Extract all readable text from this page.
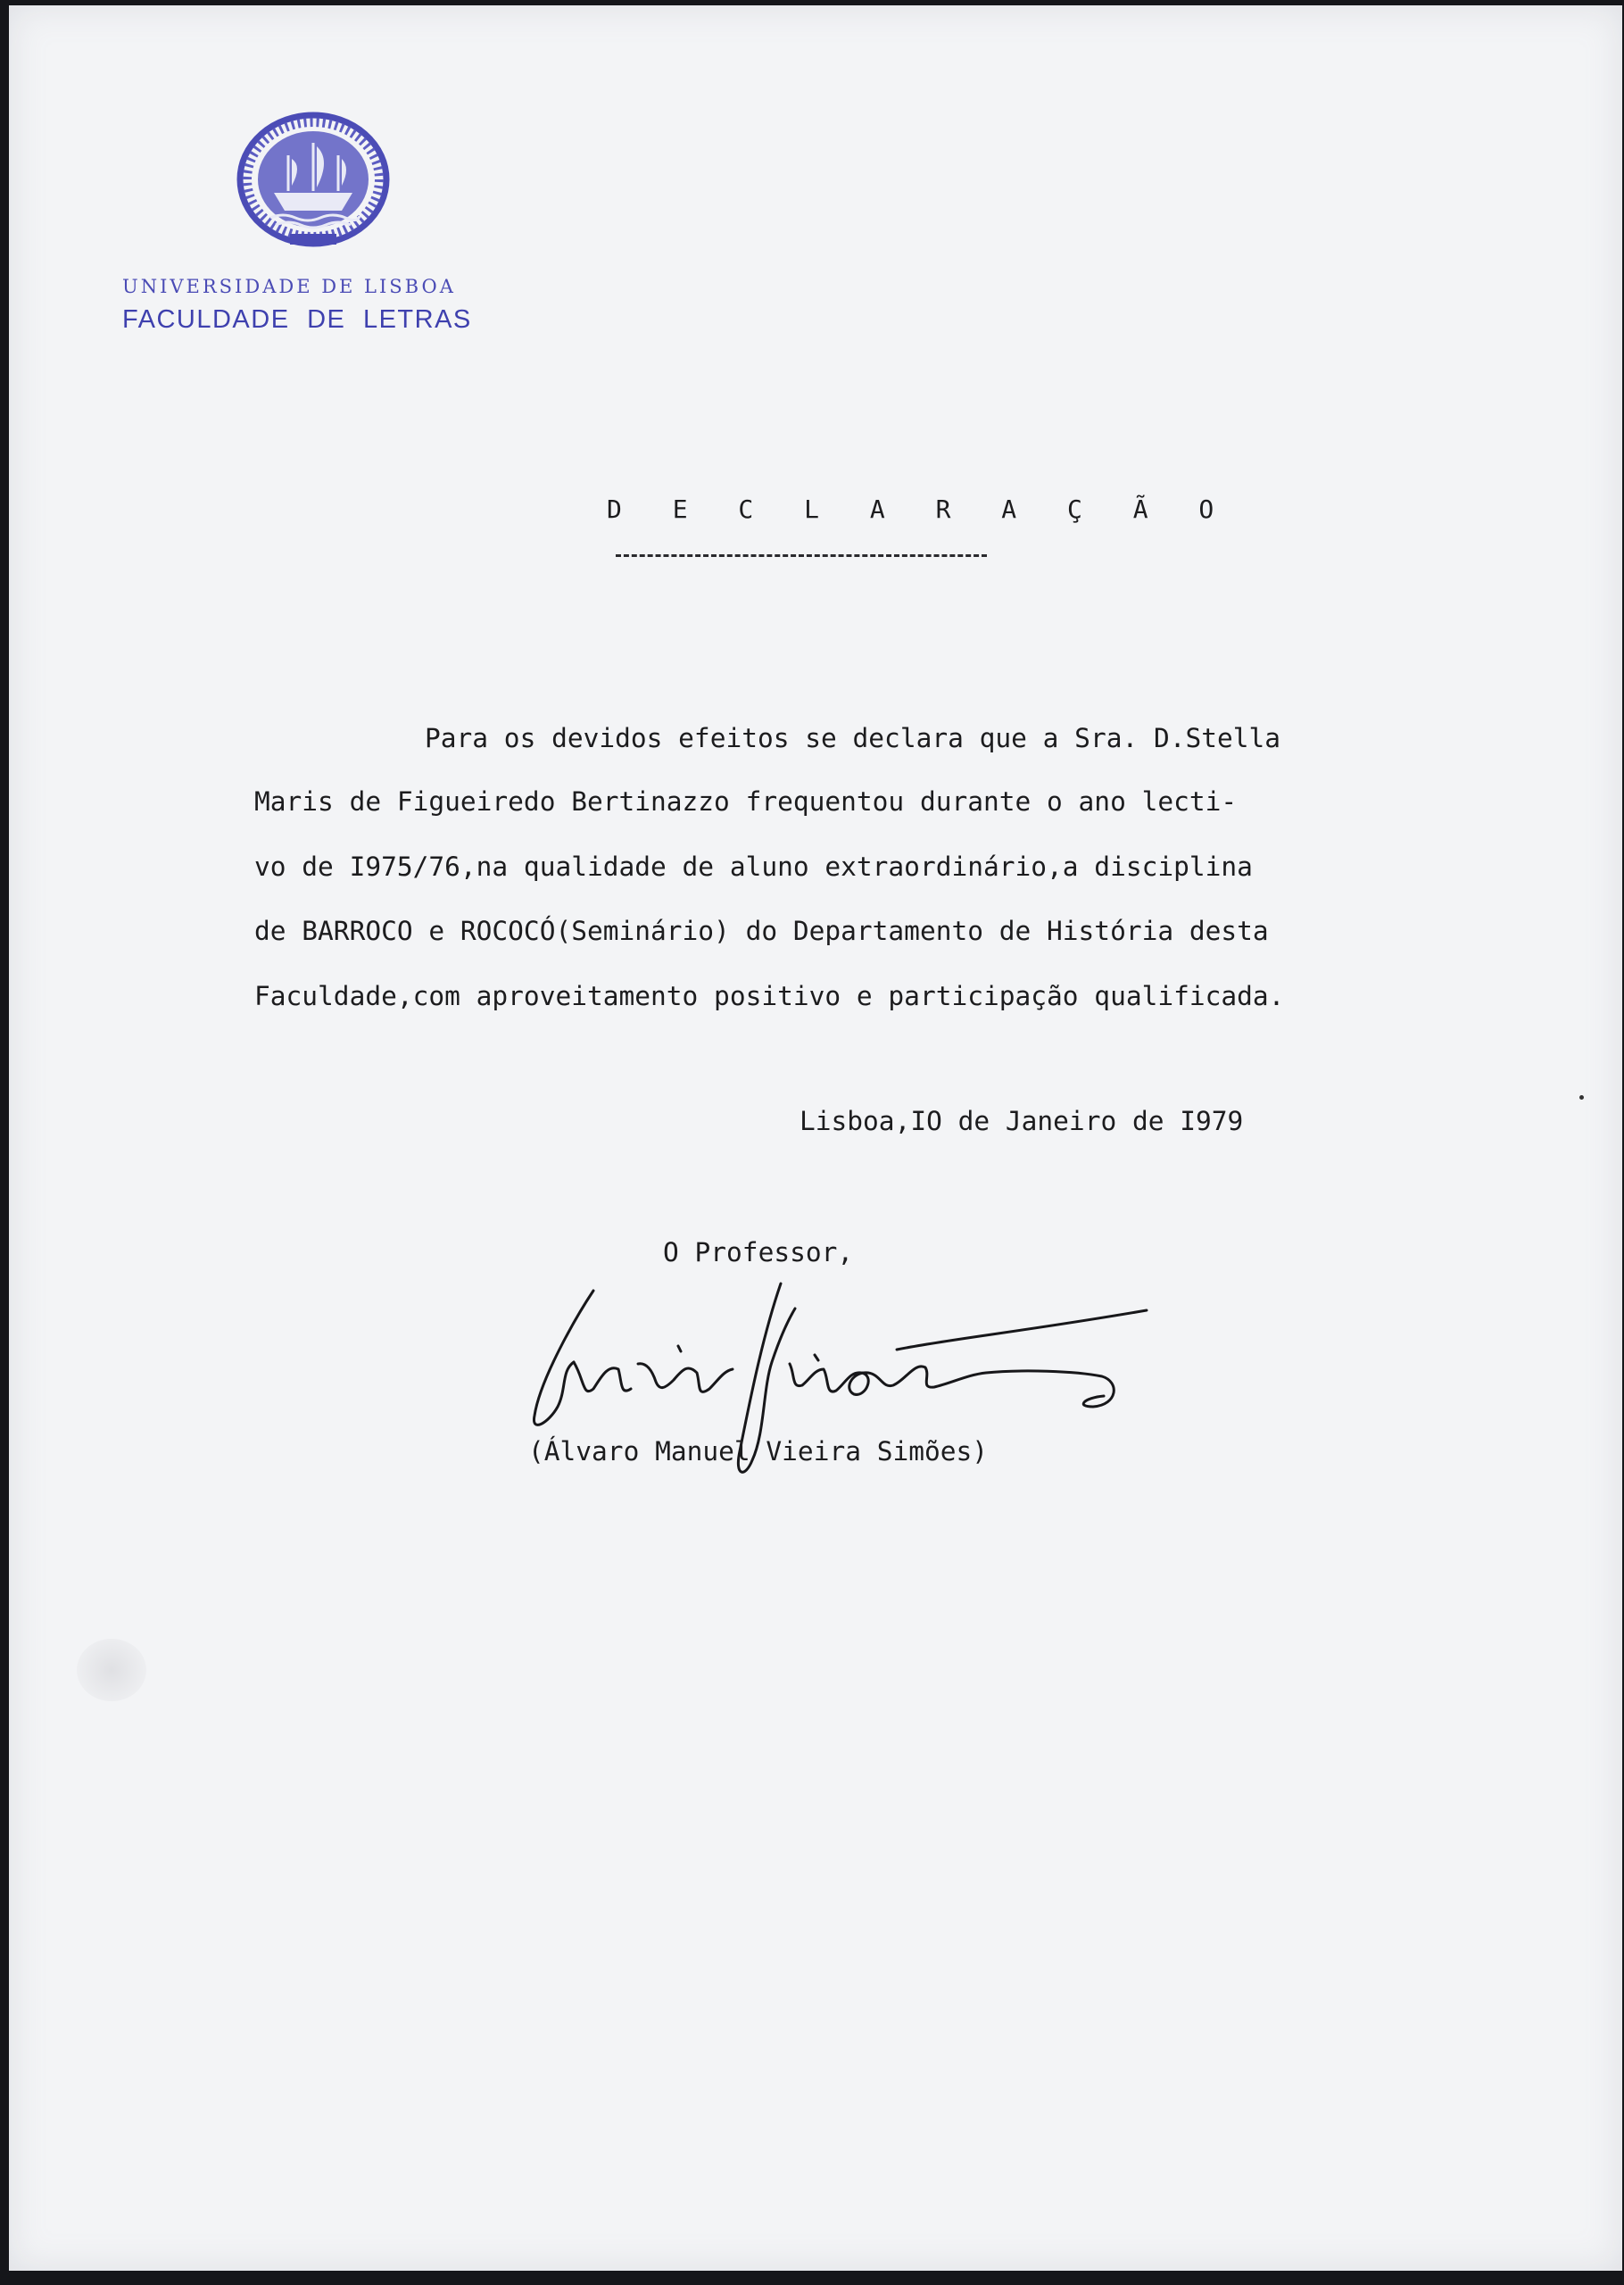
UNIVERSIDADE DE LISBOA
FACULDADE DE LETRAS
D E C L A R A Ç Ã O
Para os devidos efeitos se declara que a Sra. D.Stella
Maris de Figueiredo Bertinazzo frequentou durante o ano lecti-
vo de I975/76,na qualidade de aluno extraordinário,a disciplina
de BARROCO e ROCOCÓ(Seminário) do Departamento de História desta
Faculdade,com aproveitamento positivo e participação qualificada.
Lisboa,IO de Janeiro de I979
O Professor,
(Álvaro Manuel Vieira Simões)
